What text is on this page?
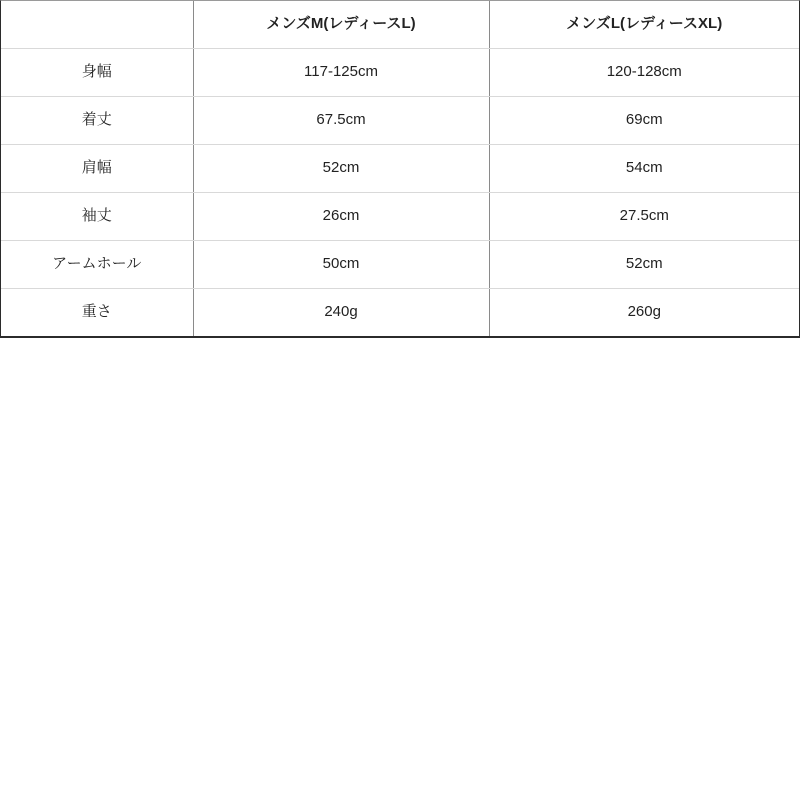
	メンズM(レディースL)	メンズL(レディースXL)
身幅	117-125cm	120-128cm
着丈	67.5cm	69cm
肩幅	52cm	54cm
袖丈	26cm	27.5cm
アームホール	50cm	52cm
重さ	240g	260g
